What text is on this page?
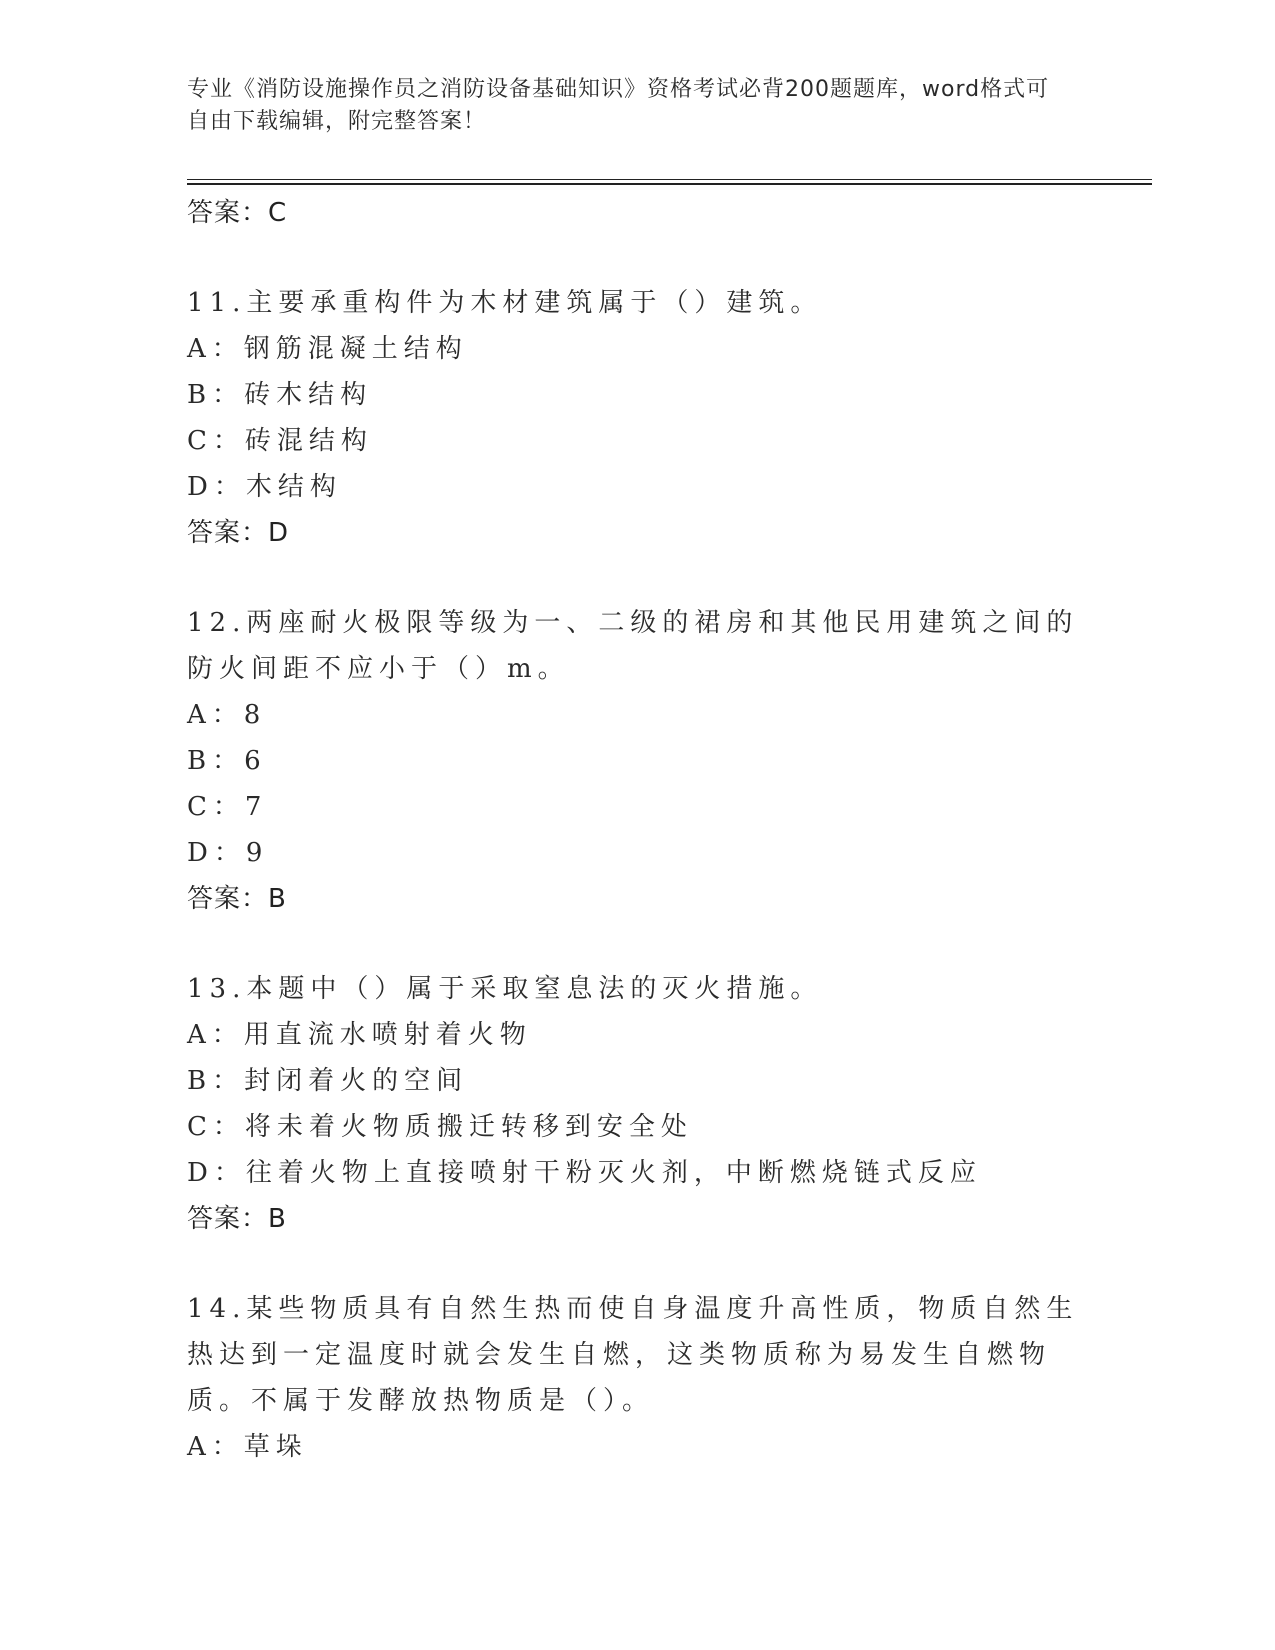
专业《消防设施操作员之消防设备基础知识》资格考试必背200题题库，word格式可自由下载编辑，附完整答案！
答案：C
11.主要承重构件为木材建筑属于（）建筑。
A：钢筋混凝土结构
B：砖木结构
C：砖混结构
D：木结构
答案：D
12.两座耐火极限等级为一、二级的裙房和其他民用建筑之间的防火间距不应小于（）m。
A：8
B：6
C：7
D：9
答案：B
13.本题中（）属于采取窒息法的灭火措施。
A：用直流水喷射着火物
B：封闭着火的空间
C：将未着火物质搬迁转移到安全处
D：往着火物上直接喷射干粉灭火剂，中断燃烧链式反应
答案：B
14.某些物质具有自然生热而使自身温度升高性质，物质自然生热达到一定温度时就会发生自燃，这类物质称为易发生自燃物质。不属于发酵放热物质是（）。
A：草垛
